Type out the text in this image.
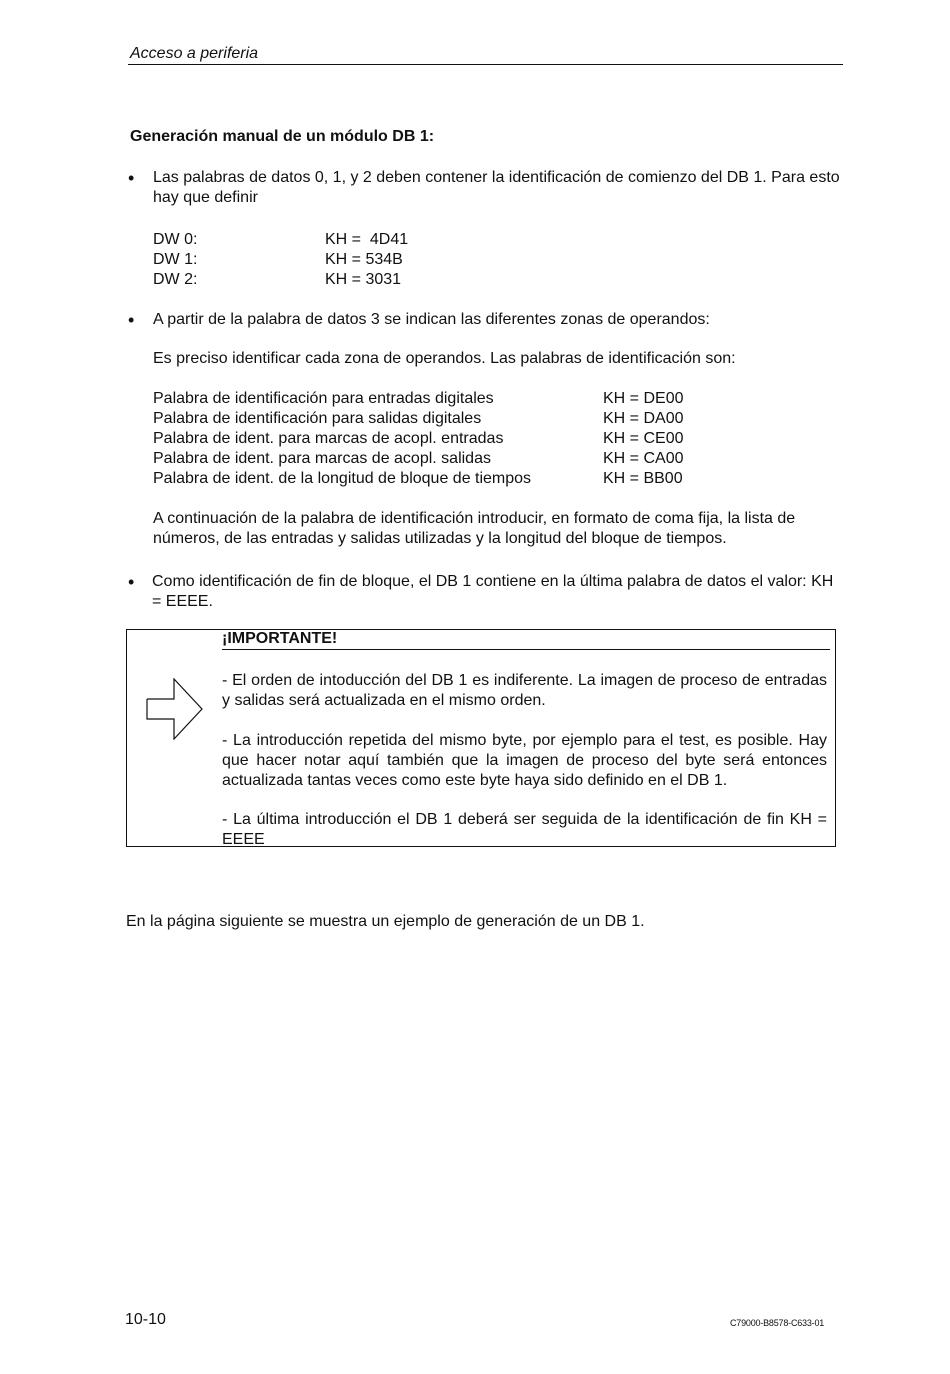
Acceso a periferia
Generación manual de un módulo DB 1:
• Las palabras de datos 0, 1, y 2 deben contener la identificación de comienzo del DB 1. Para esto hay que definir
DW 0:	KH =  4D41
DW 1:	KH = 534B
DW 2:	KH = 3031
• A partir de la palabra de datos 3 se indican las diferentes zonas de operandos:
Es preciso identificar cada zona de operandos. Las palabras de identificación son:
Palabra de identificación para entradas digitales	KH = DE00
Palabra de identificación para salidas digitales	KH = DA00
Palabra de ident. para marcas de acopl. entradas	KH = CE00
Palabra de ident. para marcas de acopl. salidas	KH = CA00
Palabra de ident. de la longitud de bloque de tiempos	KH = BB00
A continuación de la palabra de identificación introducir, en formato de coma fija, la lista de números, de las entradas y salidas utilizadas y la longitud del bloque de tiempos.
• Como identificación de fin de bloque, el DB 1 contiene en la última palabra de datos el valor: KH = EEEE.
¡IMPORTANTE!
- El orden de intoducción del DB 1 es indiferente. La imagen de proceso de entradas y salidas será actualizada en el mismo orden.
- La introducción repetida del mismo byte, por ejemplo para el test, es posible. Hay que hacer notar aquí también que la imagen de proceso del byte será entonces actualizada tantas veces como este byte haya sido definido en el DB 1.
- La última introducción el DB 1 deberá ser seguida de la identificación de fin KH = EEEE
En la página siguiente se muestra un ejemplo de generación de un DB 1.
10-10	C79000-B8578-C633-01
